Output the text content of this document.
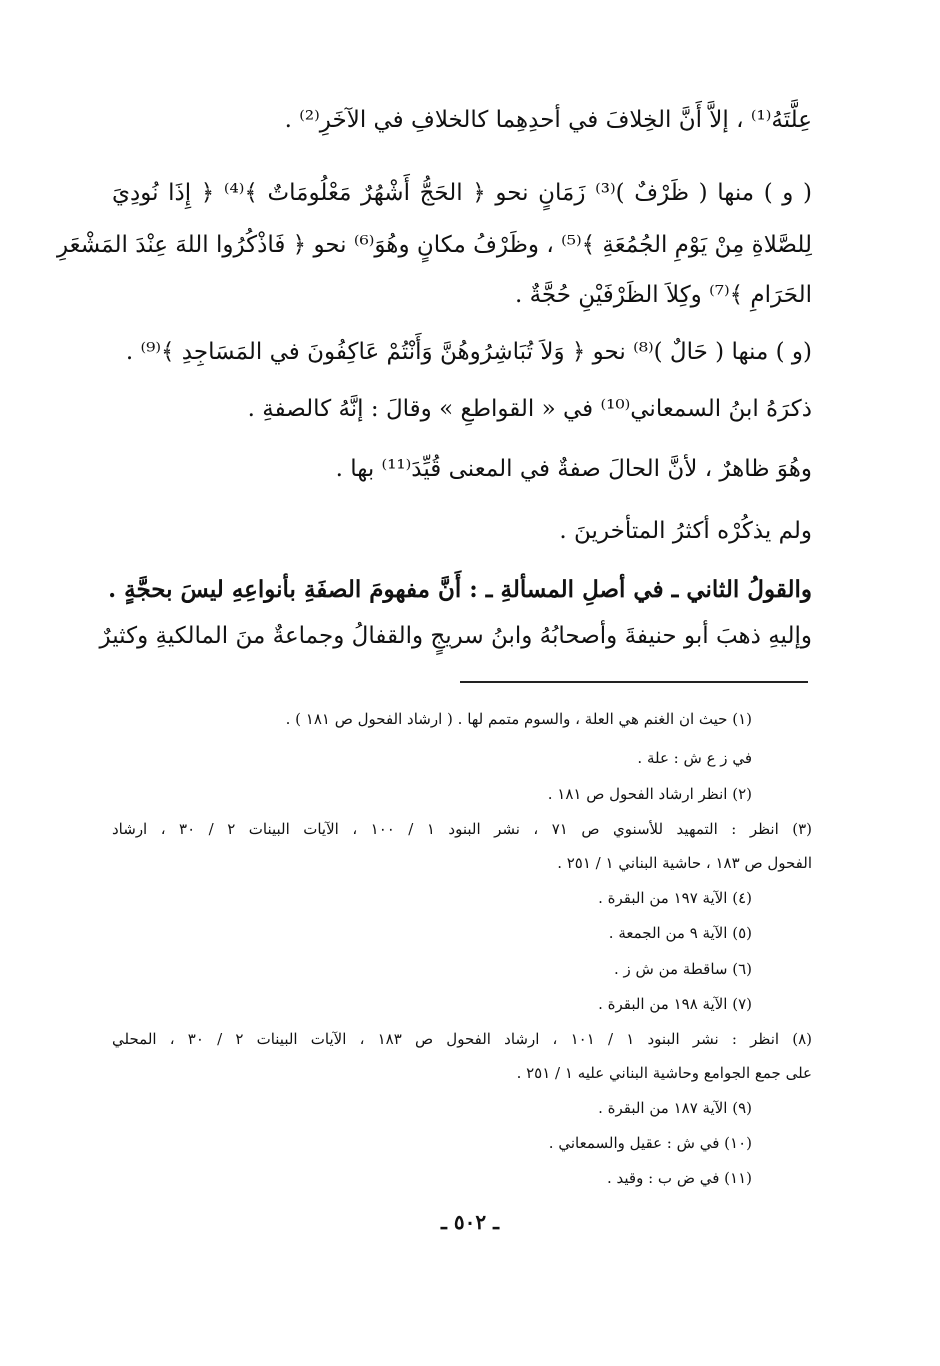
عِلَّتَهُ⁽¹⁾ ، إلاَّ أَنَّ الخِلافَ في أحدِهِما كالخلافِ في الآخَرِ⁽²⁾ .
( و ) منها ( ظَرْفٌ )⁽³⁾ زَمَانٍ نحو ﴿ الحَجُّ أَشْهُرٌ مَعْلُومَاتٌ ﴾⁽⁴⁾ ﴿ إِذَا نُودِيَ
لِلصَّلاةِ مِنْ يَوْمِ الجُمُعَةِ ﴾⁽⁵⁾ ، وظَرْفُ مكانٍ وهُوَ⁽⁶⁾ نحو ﴿ فَاذْكُرُوا اللهَ عِنْدَ المَشْعَرِ
الحَرَامِ ﴾⁽⁷⁾ وكِلاَ الظَرْفَيْنِ حُجَّةٌ .
(و ) منها ( حَالٌ )⁽⁸⁾ نحو ﴿ وَلاَ تُبَاشِرُوهُنَّ وَأَنْتُمْ عَاكِفُونَ في المَسَاجِدِ ﴾⁽⁹⁾ .
ذكرَهُ ابنُ السمعاني⁽¹⁰⁾ في « القواطعِ » وقالَ : إنَّهُ كالصفةِ .
وهُوَ ظاهرٌ ، لأنَّ الحالَ صفةٌ في المعنى قُيِّدَ⁽¹¹⁾ بها .
ولم يذكُرْه أكثرُ المتأخرينَ .
والقولُ الثاني ـ في أصلِ المسألةِ ـ : أَنَّ مفهومَ الصفَةِ بأنواعِهِ ليسَ بحجَّةٍ .
وإليهِ ذهبَ أبو حنيفةَ وأصحابُهُ وابنُ سريجٍ والقفالُ وجماعةٌ منَ المالكيةِ وكثيرٌ
(١) حيث ان الغنم هي العلة ، والسوم متمم لها . ( ارشاد الفحول ص ١٨١ ) .
في ز ع ش : علة .
(٢) انظر ارشاد الفحول ص ١٨١ .
(٣) انظر : التمهيد للأسنوي ص ٧١ ، نشر البنود ١ / ١٠٠ ، الآيات البينات ٢ / ٣٠ ، ارشاد
الفحول ص ١٨٣ ، حاشية البناني ١ / ٢٥١ .
(٤) الآية ١٩٧ من البقرة .
(٥) الآية ٩ من الجمعة .
(٦) ساقطة من ش ز .
(٧) الآية ١٩٨ من البقرة .
(٨) انظر : نشر البنود ١ / ١٠١ ، ارشاد الفحول ص ١٨٣ ، الآيات البينات ٢ / ٣٠ ، المحلي
على جمع الجوامع وحاشية البناني عليه ١ / ٢٥١ .
(٩) الآية ١٨٧ من البقرة .
(١٠) في ش : عقيل والسمعاني .
(١١) في ض ب : وقيد .
ـ ٥٠٢ ـ
